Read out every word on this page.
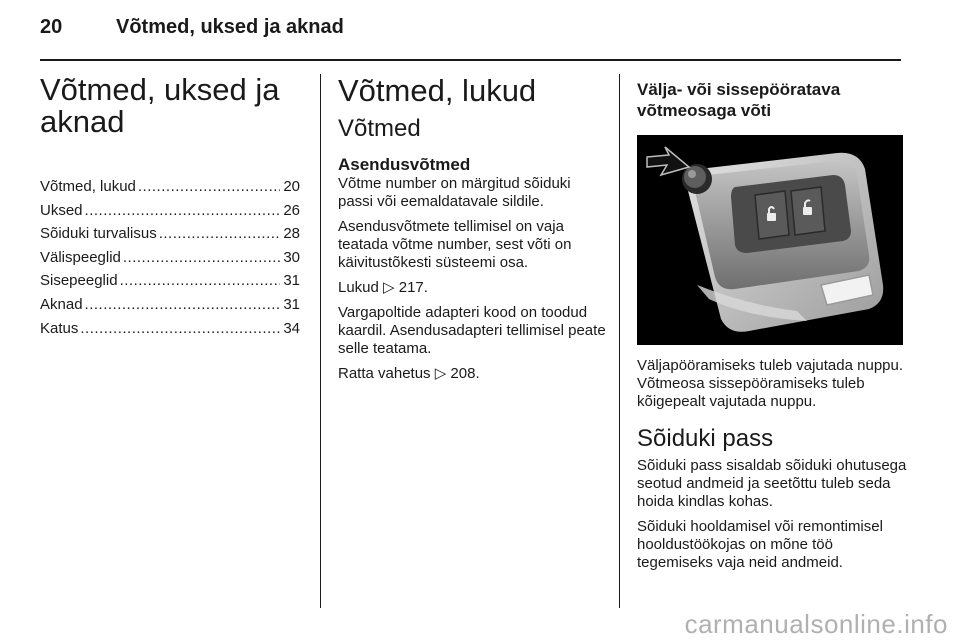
20	Võtmed, uksed ja aknad
Võtmed, uksed ja aknad
Võtmed, lukud .....	20
Uksed .....	26
Sõiduki turvalisus .....	28
Välispeeglid .....	30
Sisepeeglid .....	31
Aknad .....	31
Katus .....	34
Võtmed, lukud
Võtmed
Asendusvõtmed

Võtme number on märgitud sõiduki passi või eemaldatavale sildile.

Asendusvõtmete tellimisel on vaja teatada võtme number, sest võti on käivitustõkesti süsteemi osa.

Lukud ▷ 217.

Vargapoltide adapteri kood on toodud kaardil. Asendusadapteri tellimisel peate selle teatama.

Ratta vahetus ▷ 208.

Välja- või sissepööratava võtmeosaga võti

Väljapööramiseks tuleb vajutada nuppu. Võtmeosa sissepööramiseks tuleb kõigepealt vajutada nuppu.

Sõiduki pass

Sõiduki pass sisaldab sõiduki ohutusega seotud andmeid ja seetõttu tuleb seda hoida kindlas kohas.

Sõiduki hooldamisel või remontimisel hooldustöökojas on mõne töö tegemiseks vaja neid andmeid.

carmanualsonline.info
